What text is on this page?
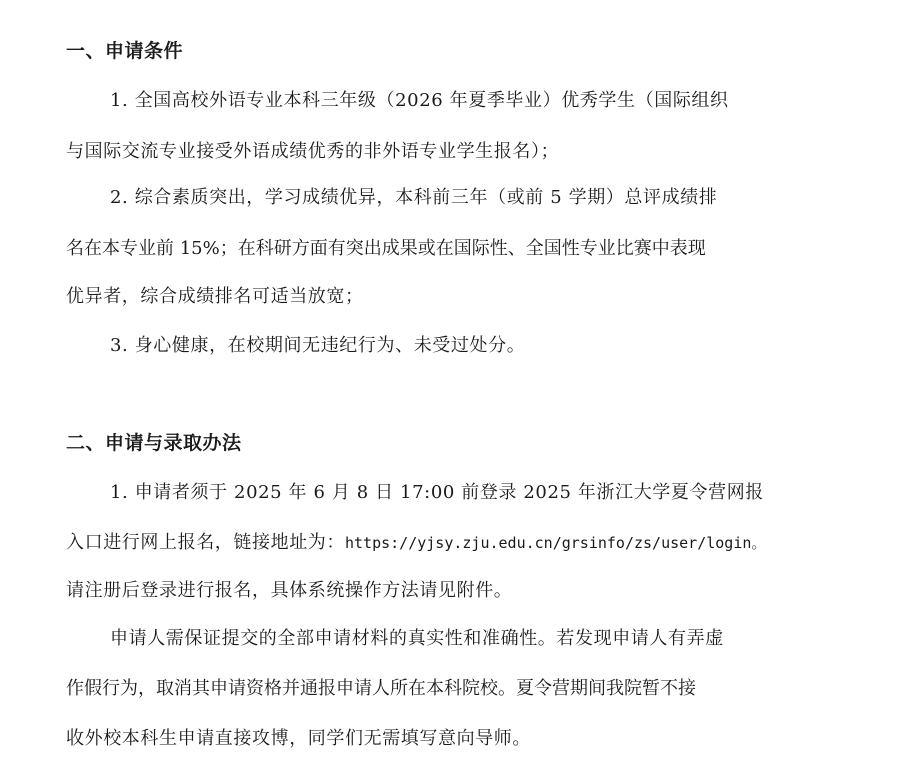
一、申请条件
1. 全国高校外语专业本科三年级（2026 年夏季毕业）优秀学生（国际组织
与国际交流专业接受外语成绩优秀的非外语专业学生报名）；
2. 综合素质突出，学习成绩优异，本科前三年（或前 5 学期）总评成绩排
名在本专业前 15%；在科研方面有突出成果或在国际性、全国性专业比赛中表现
优异者，综合成绩排名可适当放宽；
3. 身心健康，在校期间无违纪行为、未受过处分。
二、申请与录取办法
1. 申请者须于 2025 年 6 月 8 日 17:00 前登录 2025 年浙江大学夏令营网报
入口进行网上报名，链接地址为：https://yjsy.zju.edu.cn/grsinfo/zs/user/login。
请注册后登录进行报名，具体系统操作方法请见附件。
申请人需保证提交的全部申请材料的真实性和准确性。若发现申请人有弄虚
作假行为，取消其申请资格并通报申请人所在本科院校。夏令营期间我院暂不接
收外校本科生申请直接攻博，同学们无需填写意向导师。
